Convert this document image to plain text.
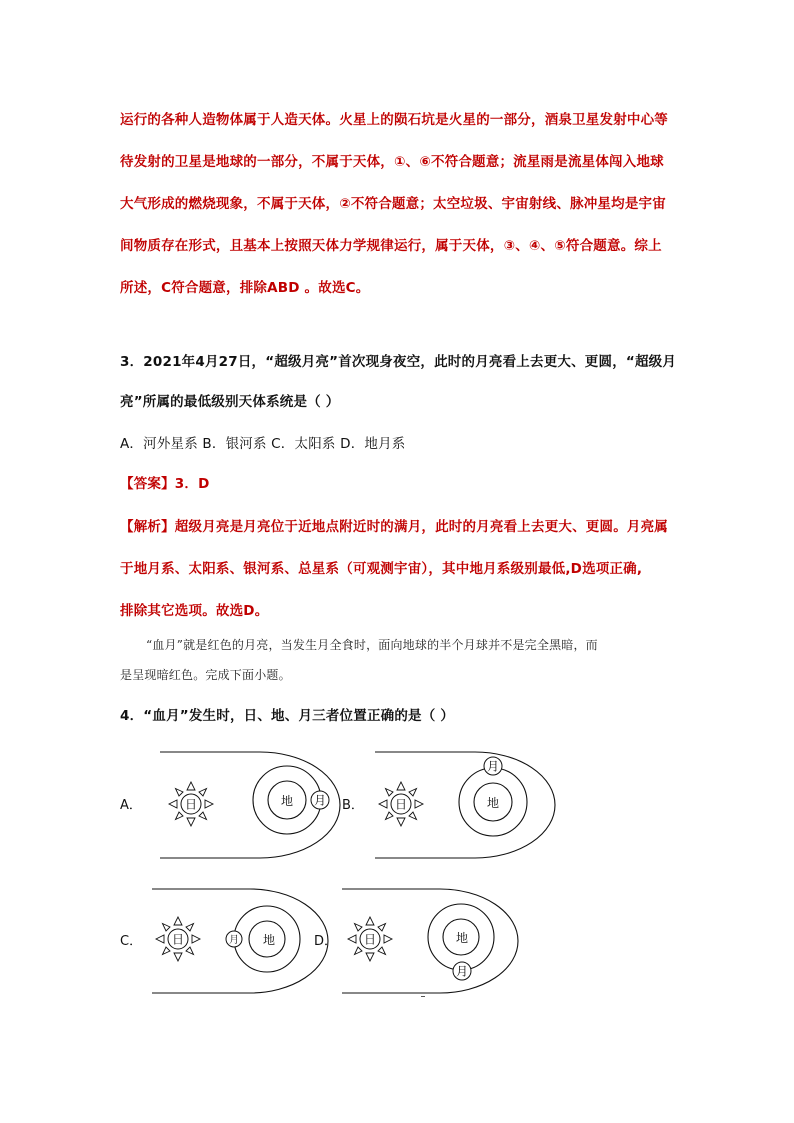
运行的各种人造物体属于人造天体。火星上的陨石坑是火星的一部分，酒泉卫星发射中心等
待发射的卫星是地球的一部分，不属于天体，①、⑥不符合题意；流星雨是流星体闯入地球
大气形成的燃烧现象，不属于天体，②不符合题意；太空垃圾、宇宙射线、脉冲星均是宇宙
间物质存在形式，且基本上按照天体力学规律运行，属于天体，③、④、⑤符合题意。综上
所述，C符合题意，排除ABD 。故选C。
3．2021年4月27日，“超级月亮”首次现身夜空，此时的月亮看上去更大、更圆，“超级月
亮”所属的最低级别天体系统是（ ）
A．河外星系 B．银河系 C．太阳系 D．地月系
【答案】3．D
【解析】超级月亮是月亮位于近地点附近时的满月，此时的月亮看上去更大、更圆。月亮属
于地月系、太阳系、银河系、总星系（可观测宇宙），其中地月系级别最低,D选项正确,
排除其它选项。故选D。
“血月”就是红色的月亮，当发生月全食时，面向地球的半个月球并不是完全黑暗，而
是呈现暗红色。完成下面小题。
4．“血月”发生时，日、地、月三者位置正确的是（ ）
A．	日	地 月 B．	日	地
月
C． 日	地
月	D． 日	地
月
